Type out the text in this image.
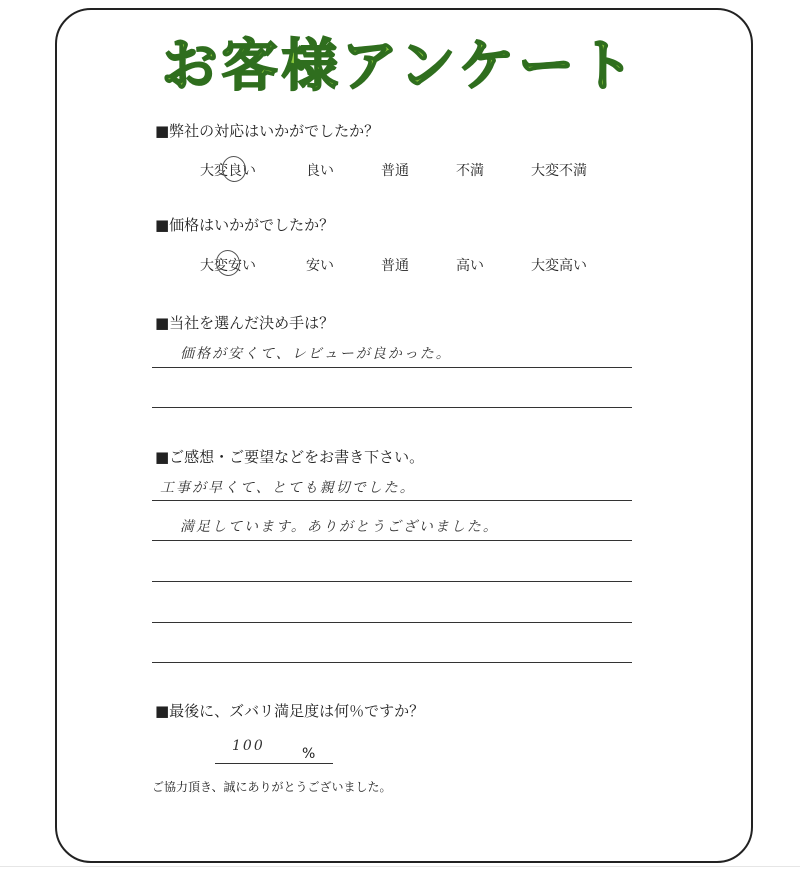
お客様アンケート
■弊社の対応はいかがでしたか？
大変良い	良い	普通	不満	大変不満
■価格はいかがでしたか？
大変安い	安い	普通	高い	大変高い
■当社を選んだ決め手は？
価格が安くて、レビューが良かった。
■ご感想・ご要望などをお書き下さい。
工事が早くて、とても親切でした。
満足しています。ありがとうございました。
■最後に、ズバリ満足度は何％ですか？
100	%
ご協力頂き、誠にありがとうございました。
